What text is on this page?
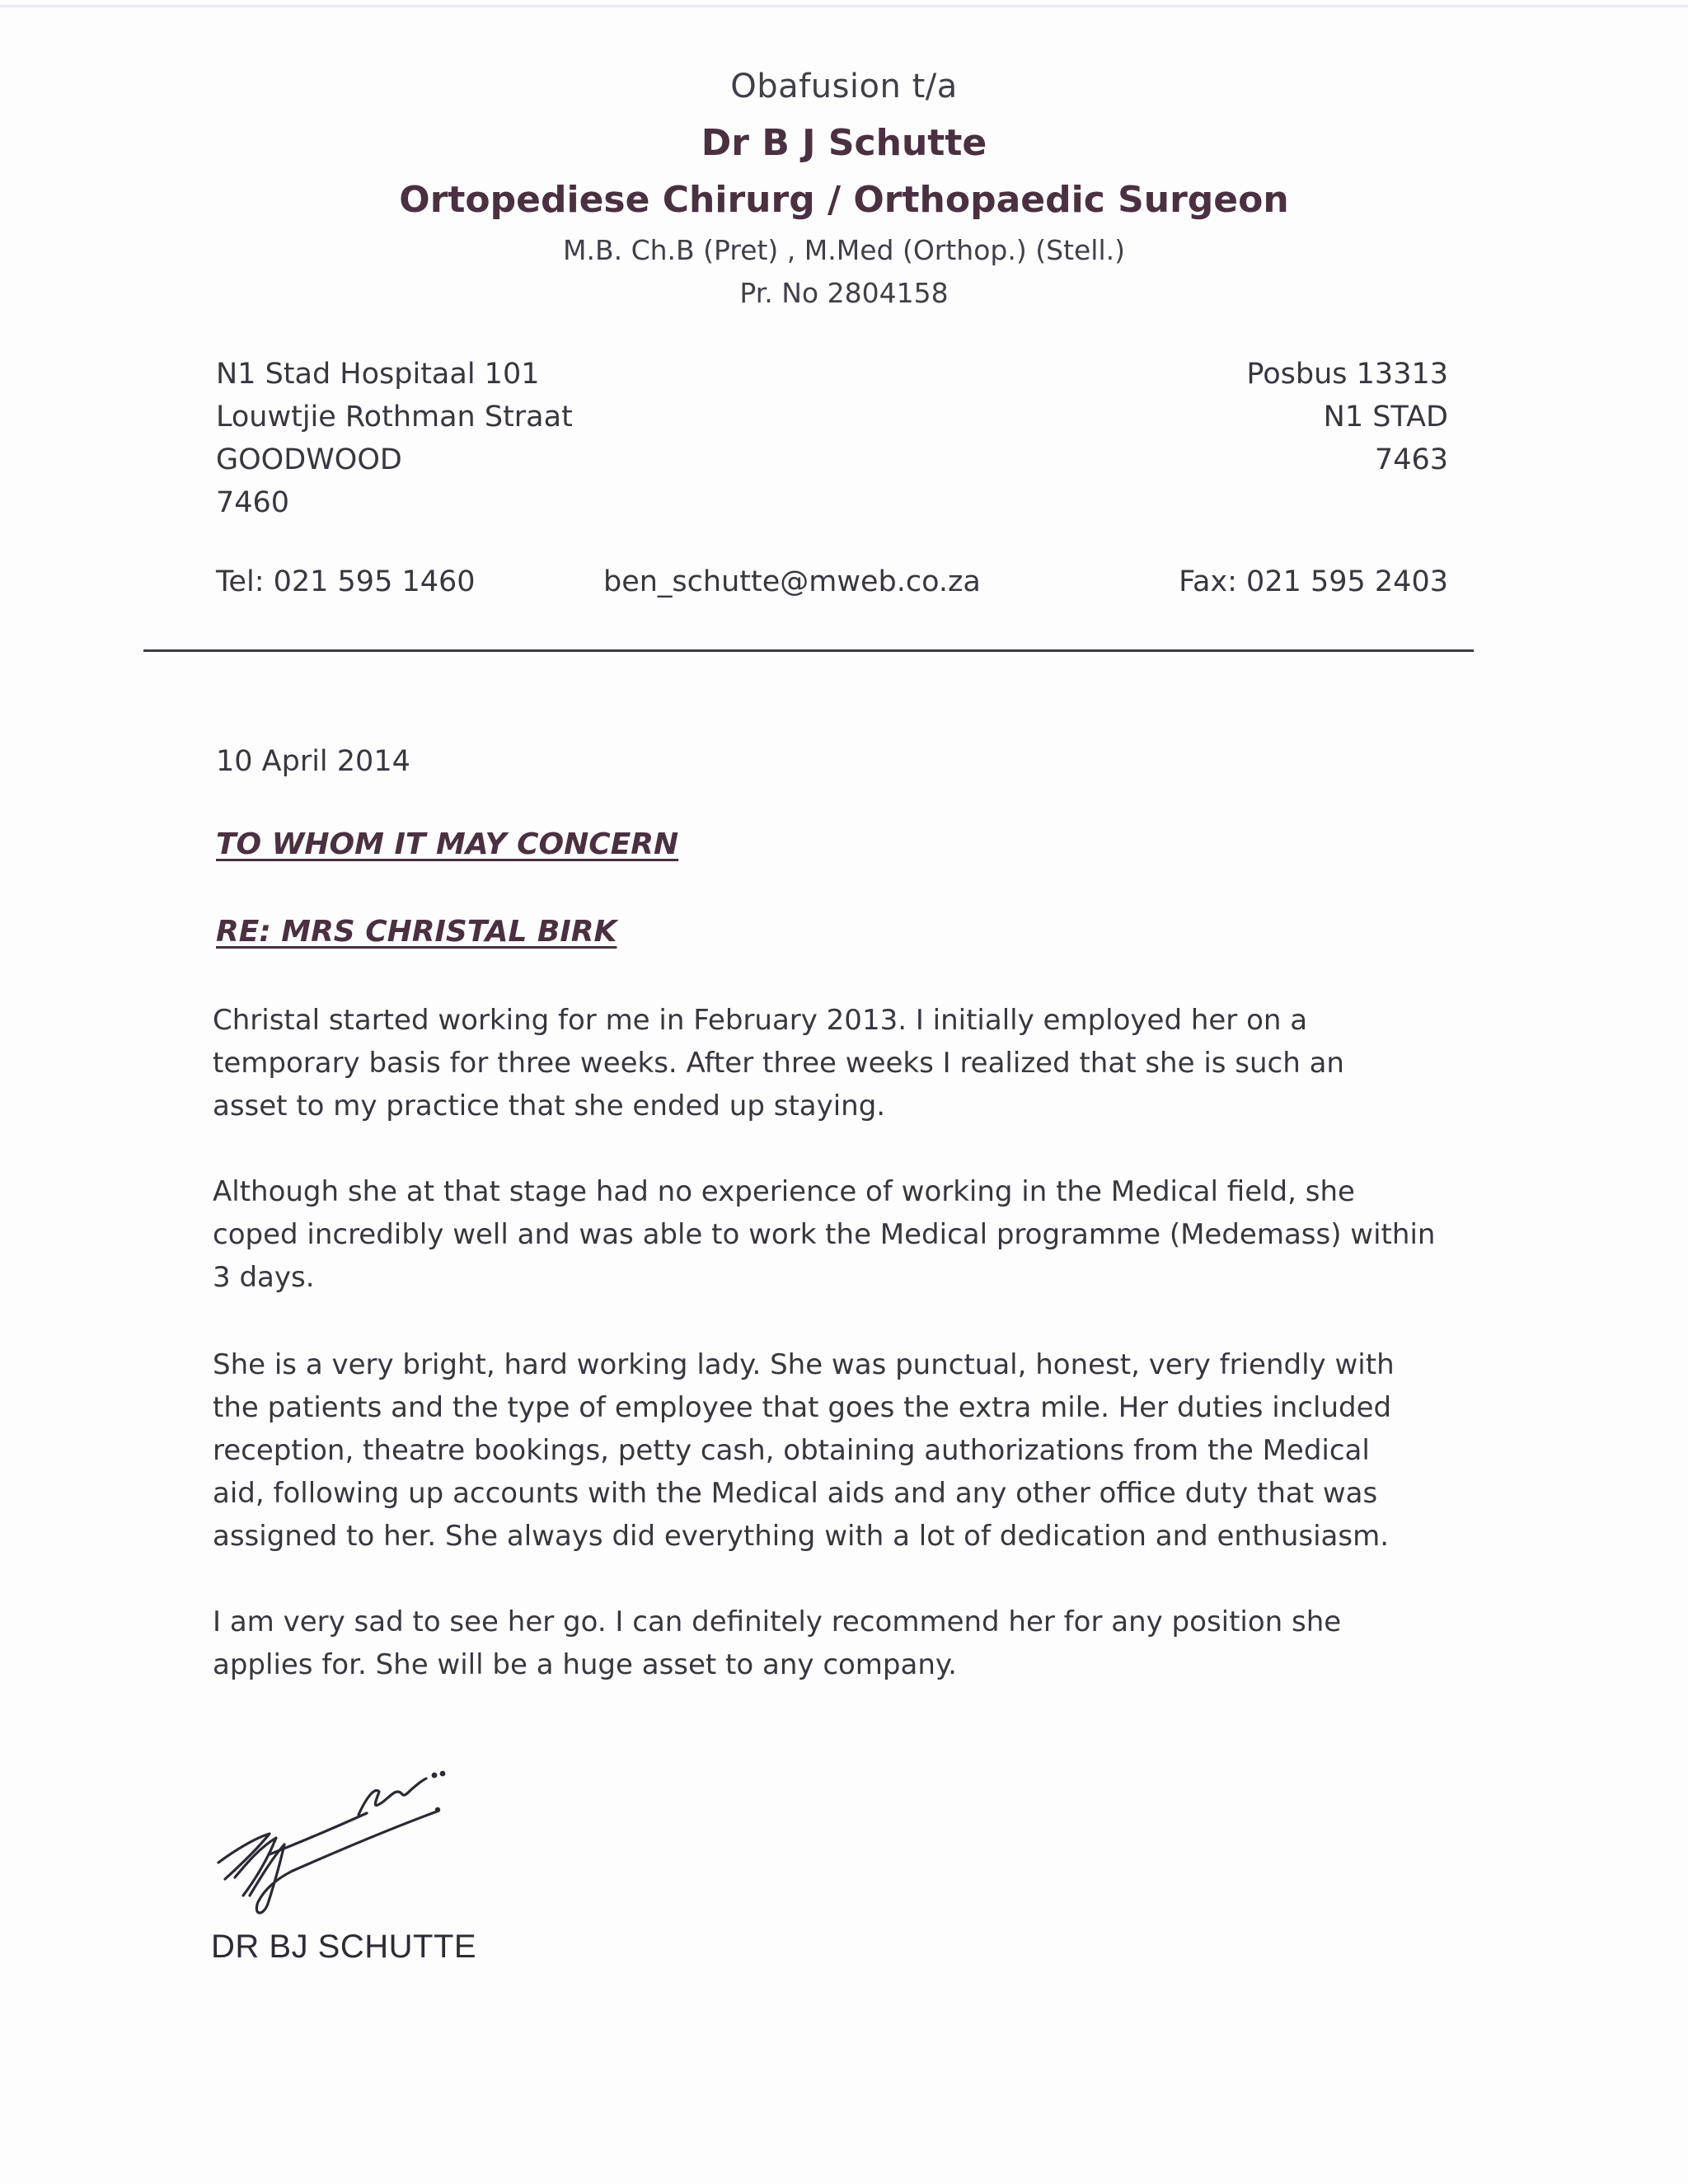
Obafusion t/a
Dr B J Schutte
Ortopediese Chirurg / Orthopaedic Surgeon
M.B. Ch.B (Pret) , M.Med (Orthop.) (Stell.)
Pr. No 2804158
N1 Stad Hospitaal 101
Louwtjie Rothman Straat
GOODWOOD
7460
Posbus 13313
N1 STAD
7463
Tel: 021 595 1460	ben_schutte@mweb.co.za	Fax: 021 595 2403
10 April 2014
TO WHOM IT MAY CONCERN
RE: MRS CHRISTAL BIRK
Christal started working for me in February 2013. I initially employed her on a
temporary basis for three weeks. After three weeks I realized that she is such an
asset to my practice that she ended up staying.
Although she at that stage had no experience of working in the Medical field, she
coped incredibly well and was able to work the Medical programme (Medemass) within
3 days.
She is a very bright, hard working lady. She was punctual, honest, very friendly with
the patients and the type of employee that goes the extra mile. Her duties included
reception, theatre bookings, petty cash, obtaining authorizations from the Medical
aid, following up accounts with the Medical aids and any other office duty that was
assigned to her. She always did everything with a lot of dedication and enthusiasm.
I am very sad to see her go. I can definitely recommend her for any position she
applies for. She will be a huge asset to any company.
DR BJ SCHUTTE
